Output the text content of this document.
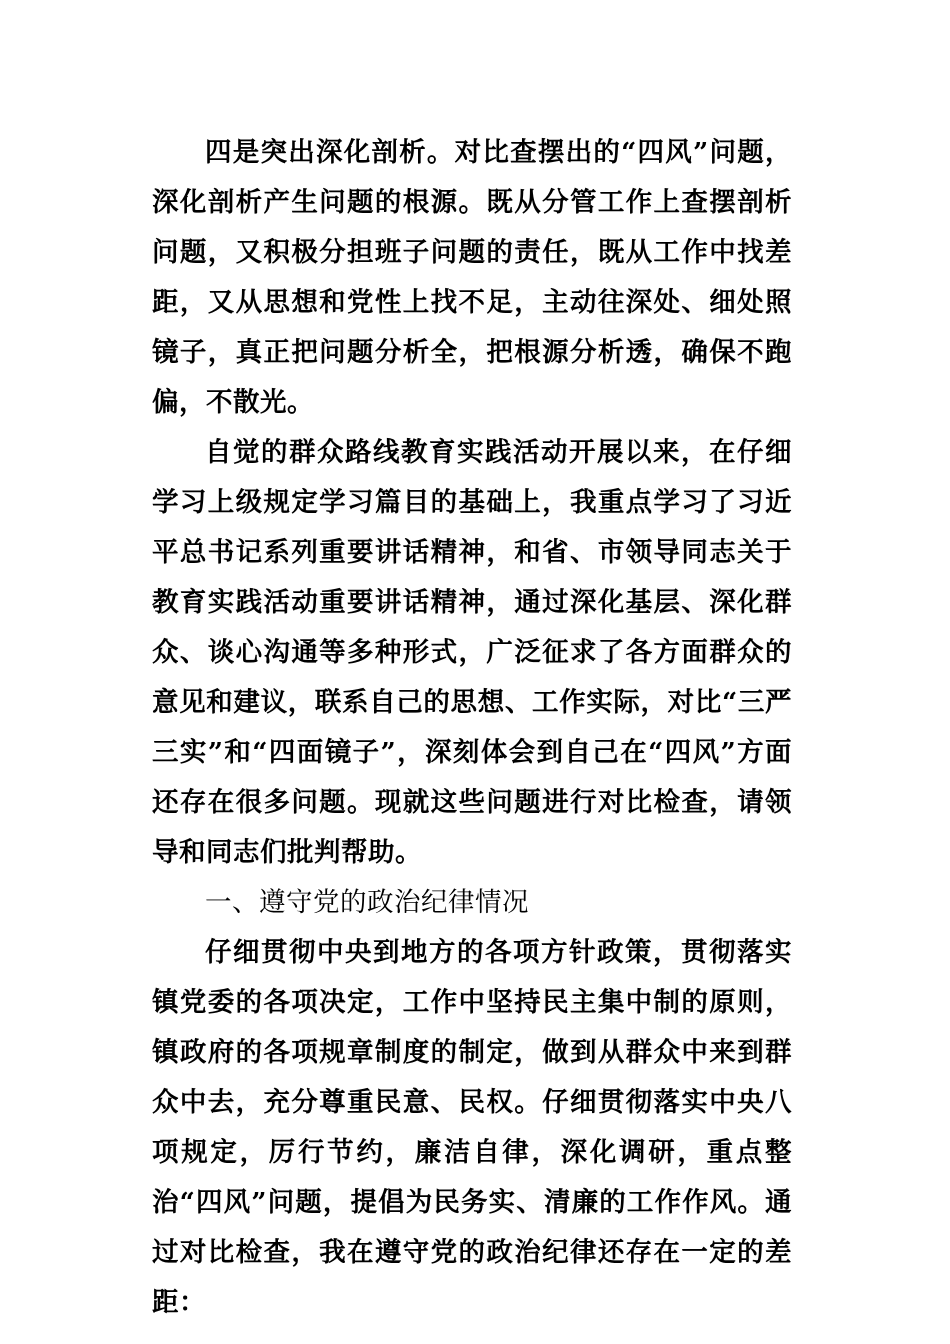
四是突出深化剖析。对比查摆出的“四风”问题，深化剖析产生问题的根源。既从分管工作上查摆剖析问题，又积极分担班子问题的责任，既从工作中找差距，又从思想和党性上找不足，主动往深处、细处照镜子，真正把问题分析全，把根源分析透，确保不跑偏，不散光。

自觉的群众路线教育实践活动开展以来，在仔细学习上级规定学习篇目的基础上，我重点学习了习近平总书记系列重要讲话精神，和省、市领导同志关于教育实践活动重要讲话精神，通过深化基层、深化群众、谈心沟通等多种形式，广泛征求了各方面群众的意见和建议，联系自己的思想、工作实际，对比“三严三实”和“四面镜子”，深刻体会到自己在“四风”方面还存在很多问题。现就这些问题进行对比检查，请领导和同志们批判帮助。

一、遵守党的政治纪律情况

仔细贯彻中央到地方的各项方针政策，贯彻落实镇党委的各项决定，工作中坚持民主集中制的原则，镇政府的各项规章制度的制定，做到从群众中来到群众中去，充分尊重民意、民权。仔细贯彻落实中央八项规定，厉行节约，廉洁自律，深化调研，重点整治“四风”问题，提倡为民务实、清廉的工作作风。通过对比检查，我在遵守党的政治纪律还存在一定的差距：
